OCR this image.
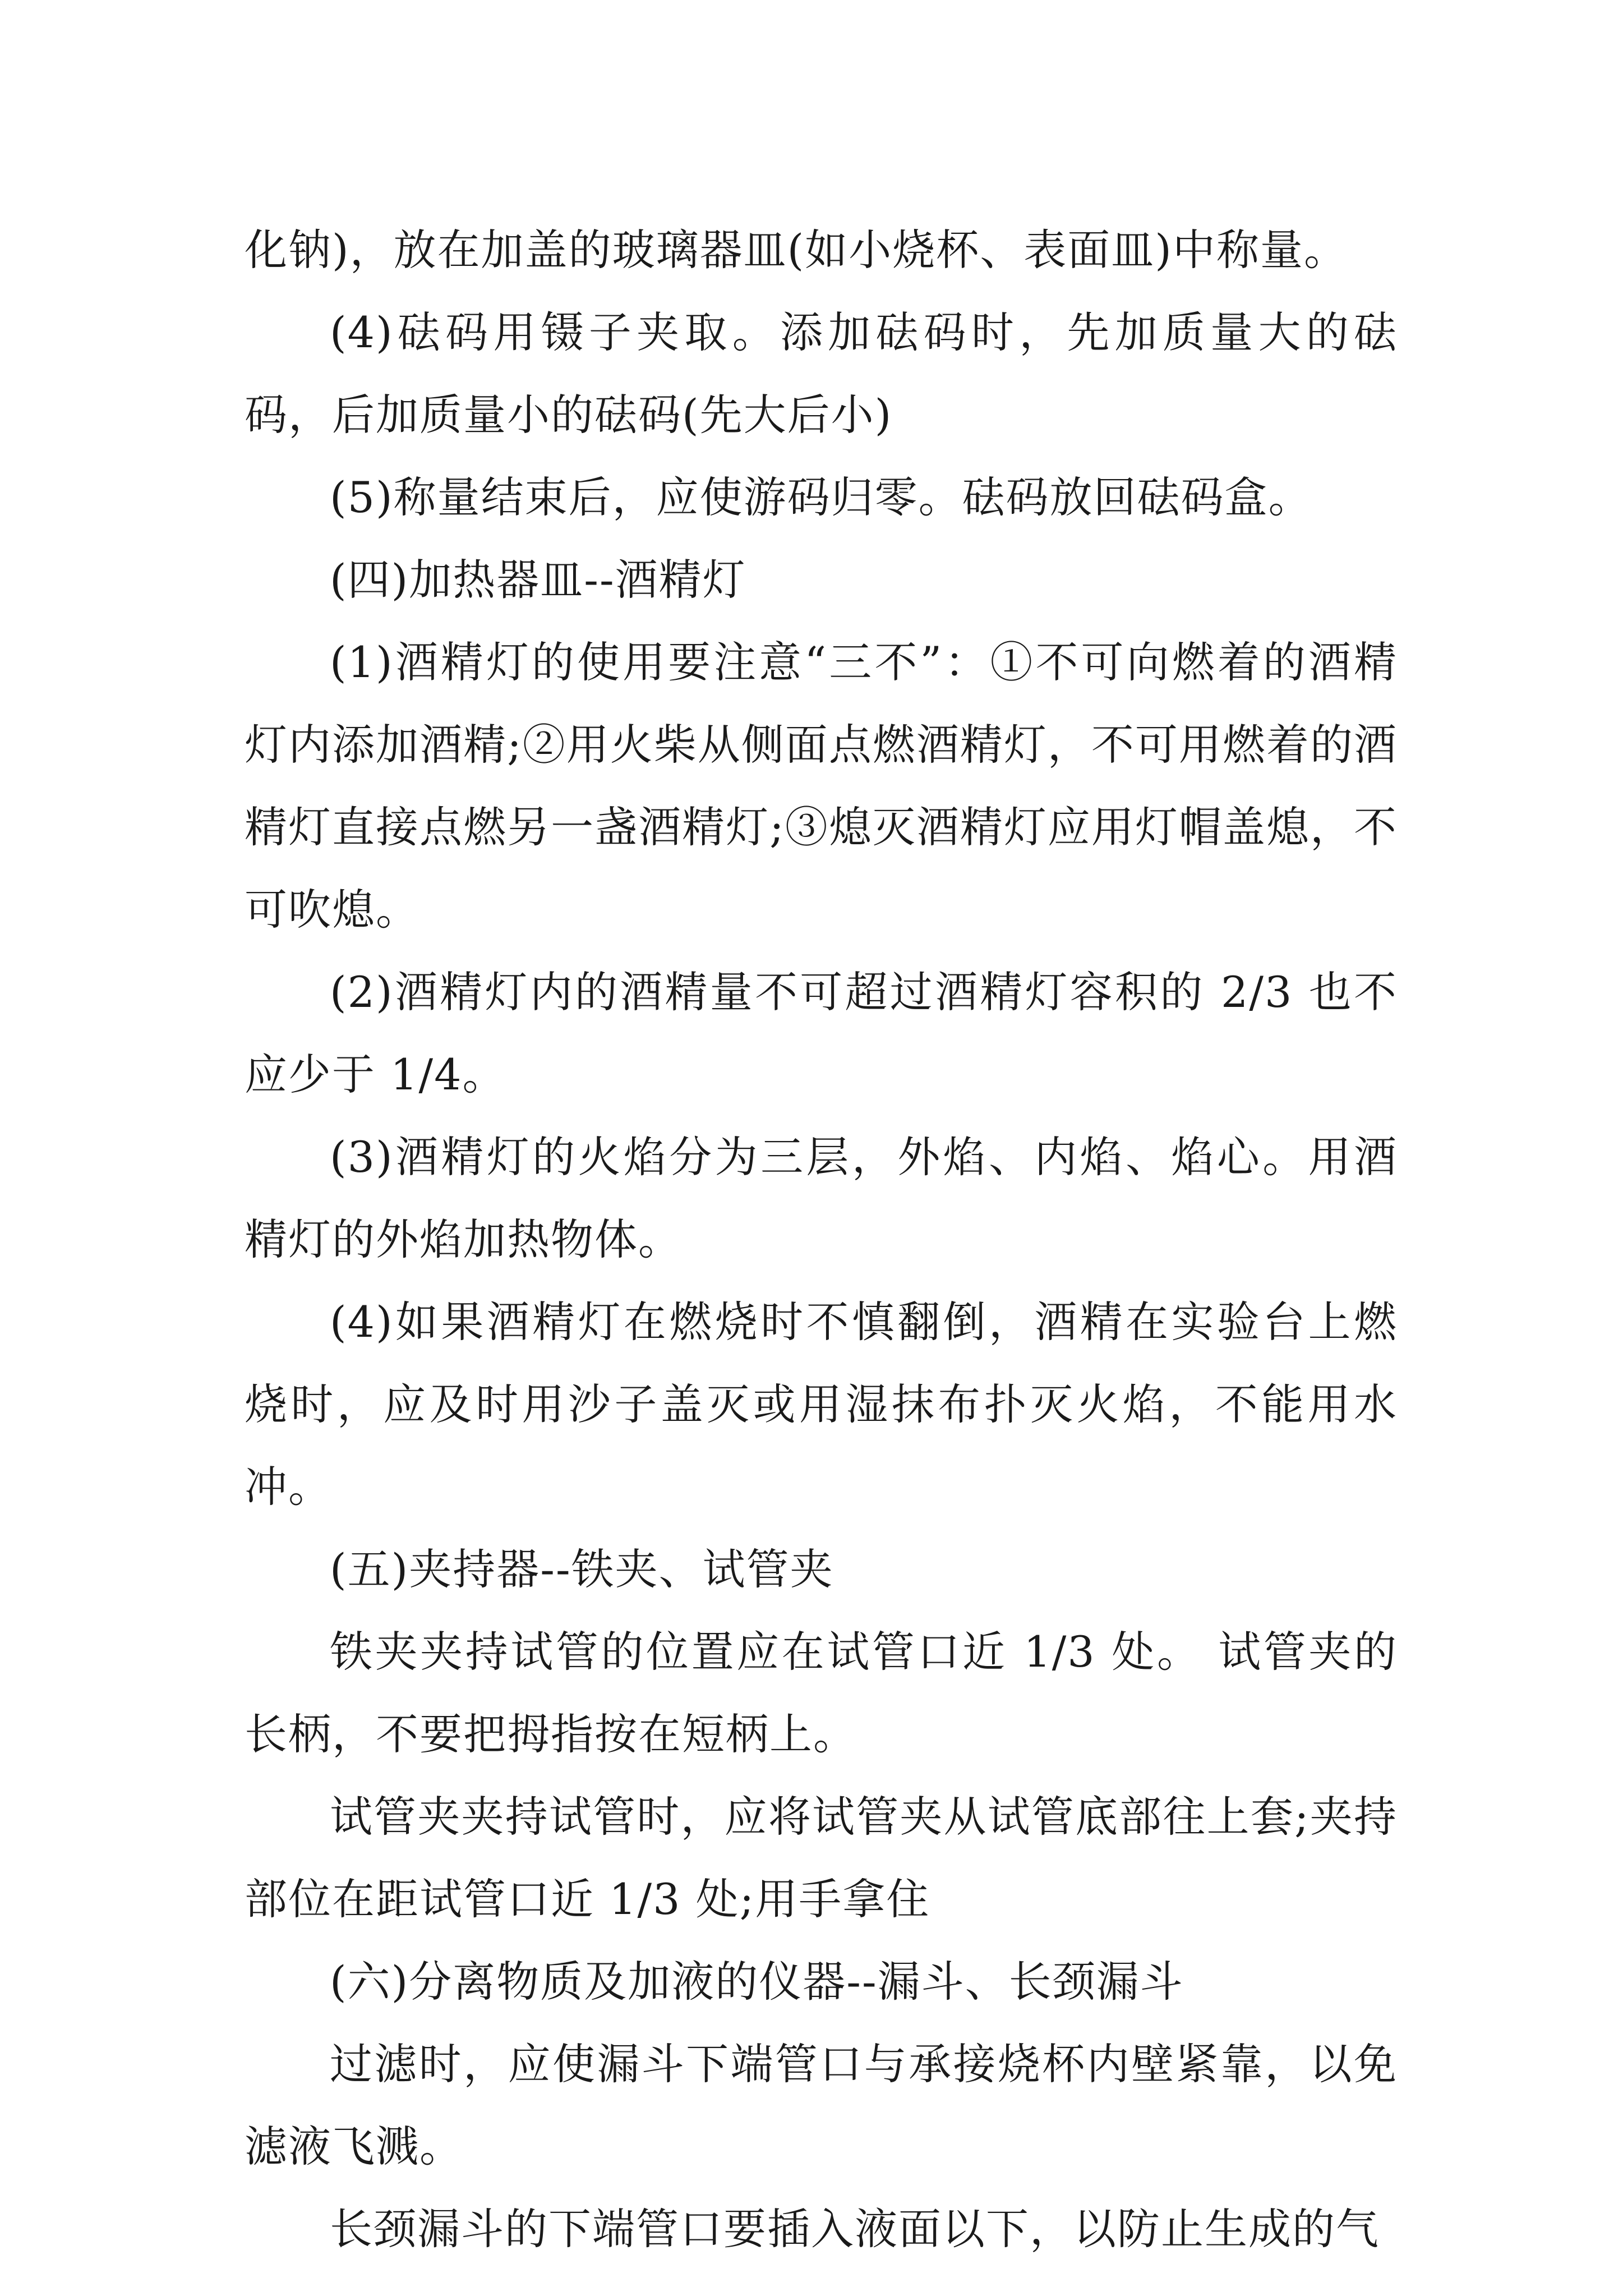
化钠)，放在加盖的玻璃器皿(如小烧杯、表面皿)中称量。

(4)砝码用镊子夹取。添加砝码时，先加质量大的砝码，后加质量小的砝码(先大后小)

(5)称量结束后，应使游码归零。砝码放回砝码盒。

(四)加热器皿--酒精灯

(1)酒精灯的使用要注意“三不”：①不可向燃着的酒精灯内添加酒精;②用火柴从侧面点燃酒精灯，不可用燃着的酒精灯直接点燃另一盏酒精灯;③熄灭酒精灯应用灯帽盖熄，不可吹熄。

(2)酒精灯内的酒精量不可超过酒精灯容积的 2/3 也不应少于 1/4。

(3)酒精灯的火焰分为三层，外焰、内焰、焰心。用酒精灯的外焰加热物体。

(4)如果酒精灯在燃烧时不慎翻倒，酒精在实验台上燃烧时，应及时用沙子盖灭或用湿抹布扑灭火焰，不能用水冲。

(五)夹持器--铁夹、试管夹

铁夹夹持试管的位置应在试管口近 1/3 处。 试管夹的长柄，不要把拇指按在短柄上。

试管夹夹持试管时，应将试管夹从试管底部往上套;夹持部位在距试管口近 1/3 处;用手拿住

(六)分离物质及加液的仪器--漏斗、长颈漏斗

过滤时，应使漏斗下端管口与承接烧杯内壁紧靠，以免滤液飞溅。

长颈漏斗的下端管口要插入液面以下，以防止生成的气
